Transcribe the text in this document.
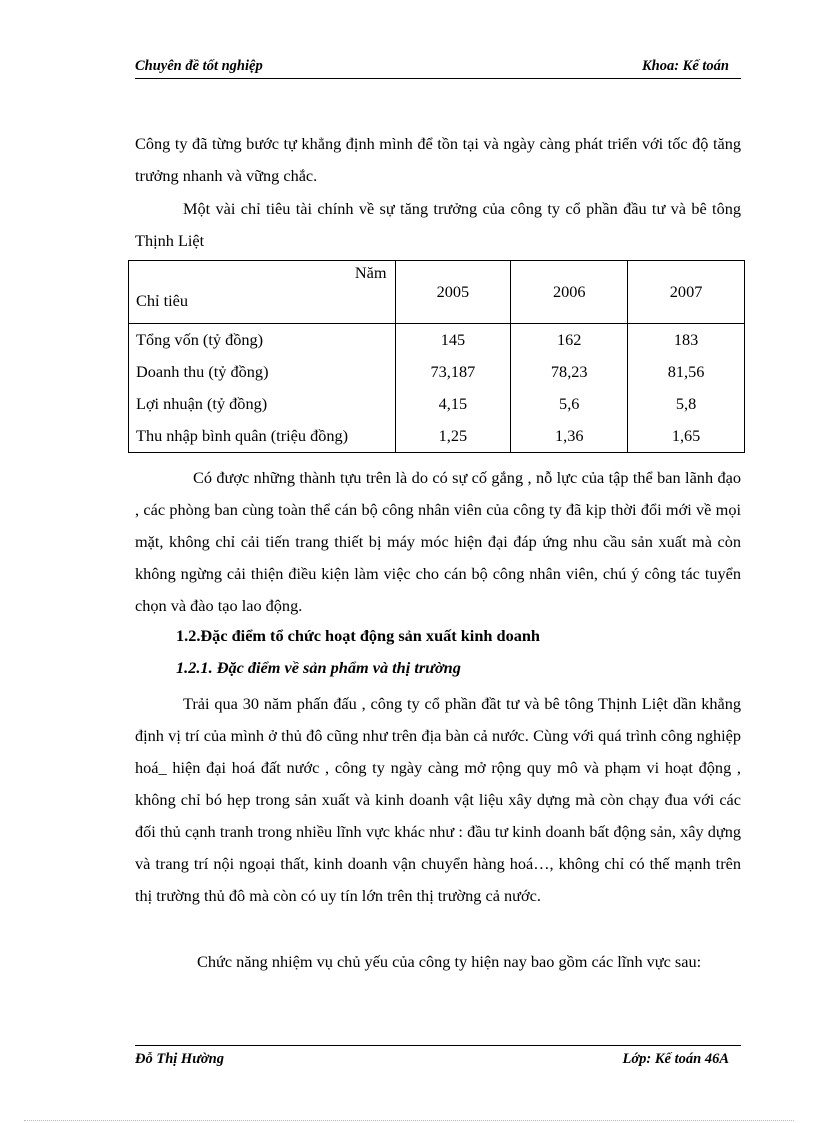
Chuyên đề tốt nghiệp	Khoa: Kế toán

Công ty đã từng bước tự khẳng định mình để tồn tại và ngày càng phát triển với tốc độ tăng trưởng nhanh và vững chắc.

Một vài chỉ tiêu tài chính về sự tăng trưởng của công ty cổ phần đầu tư và bê tông Thịnh Liệt

Năm
Chỉ tiêu	2005	2006	2007
Tổng vốn (tỷ đồng)	145	162	183
Doanh thu (tỷ đồng)	73,187	78,23	81,56
Lợi nhuận (tỷ đồng)	4,15	5,6	5,8
Thu nhập bình quân (triệu đồng)	1,25	1,36	1,65

Có được những thành tựu trên là do có sự cố gắng , nỗ lực của tập thể ban lãnh đạo , các phòng ban cùng toàn thể cán bộ công nhân viên của công ty đã kịp thời đổi mới về mọi mặt, không chỉ cải tiến trang thiết bị máy móc hiện đại đáp ứng nhu cầu sản xuất mà còn không ngừng cải thiện điều kiện làm việc cho cán bộ công nhân viên, chú ý công tác tuyển chọn và đào tạo lao động.

1.2.Đặc điểm tổ chức hoạt động sản xuất kinh doanh

1.2.1. Đặc điểm về sản phẩm và thị trường

Trải qua 30 năm phấn đấu , công ty cổ phần đầt tư và bê tông Thịnh Liệt dần khẳng định vị trí của mình ở thủ đô cũng như trên địa bàn cả nước. Cùng với quá trình công nghiệp hoá_ hiện đại hoá đất nước , công ty ngày càng mở rộng quy mô và phạm vi hoạt động , không chỉ bó hẹp trong sản xuất và kinh doanh vật liệu xây dựng mà còn chạy đua với các đối thủ cạnh tranh trong nhiều lĩnh vực khác như : đầu tư kinh doanh bất động sản, xây dựng và trang trí nội ngoại thất, kinh doanh vận chuyển hàng hoá…, không chỉ có thế mạnh trên thị trường thủ đô mà còn có uy tín lớn trên thị trường cả nước.

Chức năng nhiệm vụ chủ yếu của công ty hiện nay bao gồm các lĩnh vực sau:

Đỗ Thị Hường	Lớp: Kế toán 46A
